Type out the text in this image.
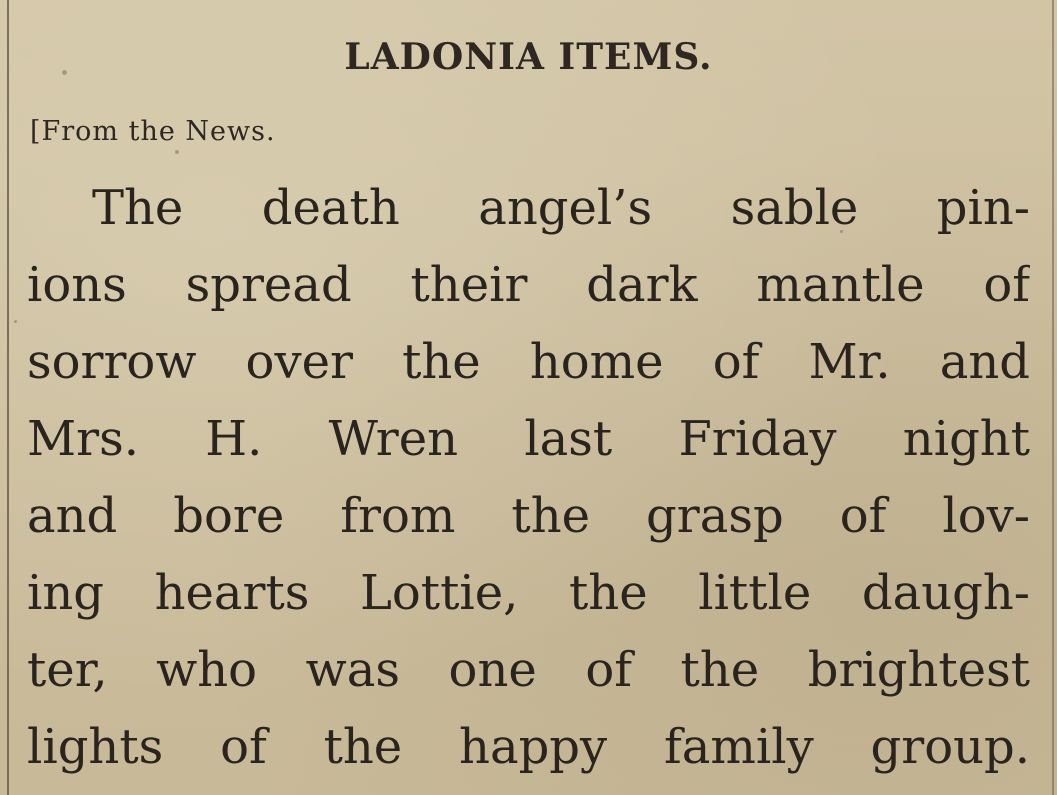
LADONIA ITEMS.
[From the News.
The death angel’s sable pin-
ions spread their dark mantle of
sorrow over the home of Mr. and
Mrs. H. Wren last Friday night
and bore from the grasp of lov-
ing hearts Lottie, the little daugh-
ter, who was one of the brightest
lights of the happy family group.
